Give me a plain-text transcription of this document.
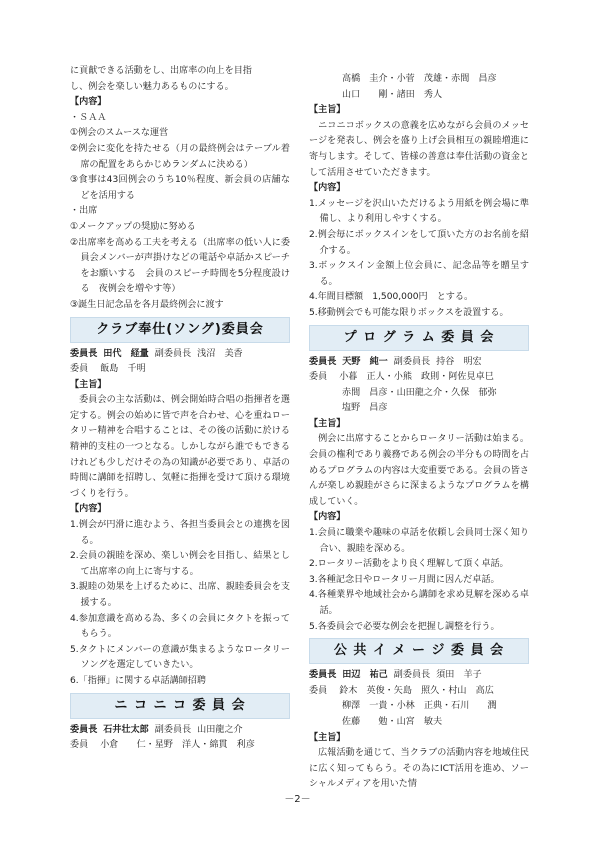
に貢献できる活動をし、出席率の向上を目指

し、例会を楽しい魅力あるものにする。

【内容】

・ＳＡＡ

①例会のスムースな運営

②例会に変化を持たせる（月の最終例会はテーブル着席の配置をあらかじめランダムに決める）

③食事は43回例会のうち10％程度、新会員の店舗などを活用する

・出席

①メークアップの奨励に努める

②出席率を高める工夫を考える（出席率の低い人に委員会メンバーが声掛けなどの電話や卓話かスピーチをお願いする　会員のスピーチ時間を5分程度設ける　夜例会を増やす等）

③誕生日記念品を各月最終例会に渡す

クラブ奉仕(ソング)委員会
委員長 田代　経量 副委員長 浅沼　美香
委員 飯島　千明

【主旨】

委員会の主な活動は、例会開始時合唱の指揮者を選定する。例会の始めに皆で声を合わせ、心を重ねロータリー精神を合唱することは、その後の活動に於ける精神的支柱の一つとなる。しかしながら誰でもできるけれども少しだけその為の知識が必要であり、卓話の時間に講師を招聘し、気軽に指揮を受けて頂ける環境づくりを行う。

【内容】

1.例会が円滑に進むよう、各担当委員会との連携を図る。

2.会員の親睦を深め、楽しい例会を目指し、結果として出席率の向上に寄与する。

3.親睦の効果を上げるために、出席、親睦委員会を支援する。

4.参加意識を高める為、多くの会員にタクトを振ってもらう。

5.タクトにメンバーの意識が集まるようなロータリーソングを選定していきたい。

6.「指揮」に関する卓話講師招聘

ニ コ ニ コ 委 員 会
委員長 石井壮太郎 副委員長 山田龍之介
委員 小倉　　仁・星野　洋人・綿貫　利彦

高橋　圭介・小菅　茂雄・赤間　昌彦

山口　　剛・諸田　秀人

【主旨】

ニコニコボックスの意義を広めながら会員のメッセージを発表し、例会を盛り上げ会員相互の親睦増進に寄与します。そして、皆様の善意は奉仕活動の資金として活用させていただきます。

【内容】

1.メッセージを沢山いただけるよう用紙を例会場に準備し、より利用しやすくする。

2.例会毎にボックスインをして頂いた方のお名前を紹介する。

3.ボックスイン金額上位会員に、記念品等を贈呈する。

4.年間目標額　1,500,000円　とする。

5.移動例会でも可能な限りボックスを設置する。

プ ロ グ ラ ム 委 員 会
委員長 天野　純一 副委員長 持谷　明宏
委員 小暮　正人・小熊　政則・阿佐見卓巳

赤間　昌彦・山田龍之介・久保　郁弥

塩野　昌彦

【主旨】

例会に出席することからロータリー活動は始まる。会員の権利であり義務である例会の半分もの時間を占めるプログラムの内容は大変重要である。会員の皆さんが楽しめ親睦がさらに深まるようなプログラムを構成していく。

【内容】

1.会員に職業や趣味の卓話を依頼し会員同士深く知り合い、親睦を深める。

2.ロータリー活動をより良く理解して頂く卓話。

3.各種記念日やロータリー月間に因んだ卓話。

4.各種業界や地域社会から講師を求め見解を深める卓話。

5.各委員会で必要な例会を把握し調整を行う。

公 共 イ メ ー ジ 委 員 会
委員長 田辺　祐己 副委員長 須田　羊子
委員 鈴木　英俊・矢島　照久・村山　高広

柳澤　一貴・小林　正典・石川　　潤

佐藤　　勉・山宮　敏夫

【主旨】

広報活動を通じて、当クラブの活動内容を地域住民に広く知ってもらう。その為にICT活用を進め、ソーシャルメディアを用いた情

－2－
